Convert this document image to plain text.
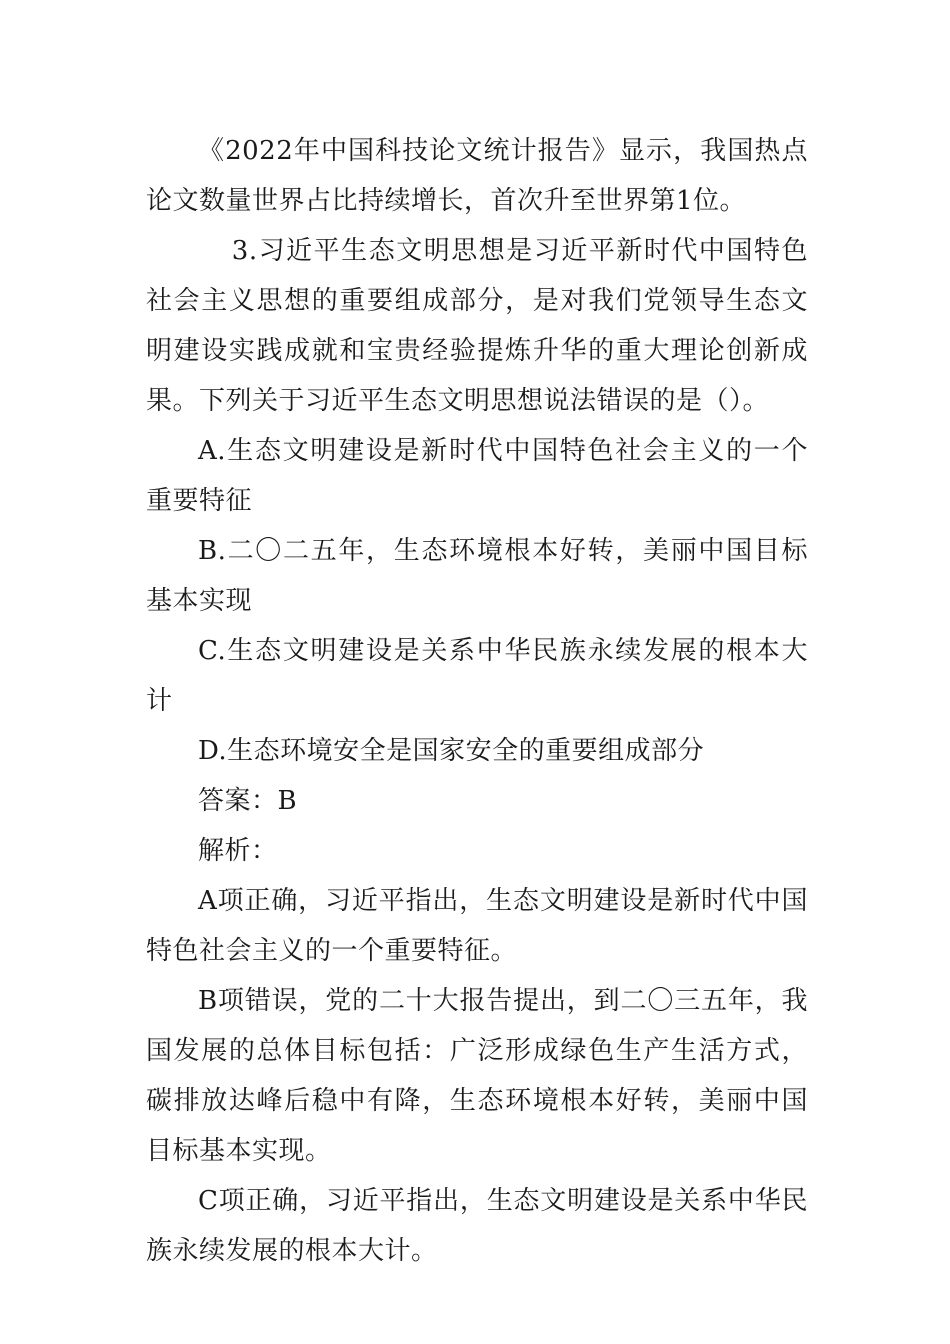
《2022年中国科技论文统计报告》显示，我国热点论文数量世界占比持续增长，首次升至世界第1位。

3.习近平生态文明思想是习近平新时代中国特色社会主义思想的重要组成部分，是对我们党领导生态文明建设实践成就和宝贵经验提炼升华的重大理论创新成果。下列关于习近平生态文明思想说法错误的是（）。

A.生态文明建设是新时代中国特色社会主义的一个重要特征

B.二〇二五年，生态环境根本好转，美丽中国目标基本实现

C.生态文明建设是关系中华民族永续发展的根本大计

D.生态环境安全是国家安全的重要组成部分

答案：B

解析：

A项正确，习近平指出，生态文明建设是新时代中国特色社会主义的一个重要特征。

B项错误，党的二十大报告提出，到二〇三五年，我国发展的总体目标包括：广泛形成绿色生产生活方式，碳排放达峰后稳中有降，生态环境根本好转，美丽中国目标基本实现。

C项正确，习近平指出，生态文明建设是关系中华民族永续发展的根本大计。
